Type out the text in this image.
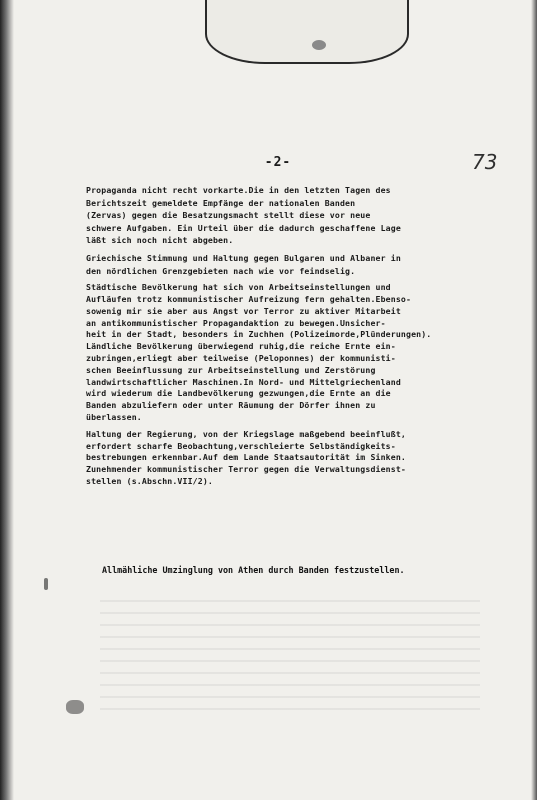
-2-	73

Propaganda nicht recht vorkarte.Die in den letzten Tagen des
Berichtszeit gemeldete Empfänge der nationalen Banden
(Zervas) gegen die Besatzungsmacht stellt diese vor neue
schwere Aufgaben. Ein Urteil über die dadurch geschaffene Lage
läßt sich noch nicht abgeben.

Griechische Stimmung und Haltung gegen Bulgaren und Albaner in
den nördlichen Grenzgebieten nach wie vor feindselig.

Städtische Bevölkerung hat sich von Arbeitseinstellungen und
Aufläufen trotz kommunistischer Aufreizung fern gehalten.Ebenso-
sowenig mir sie aber aus Angst vor Terror zu aktiver Mitarbeit
an antikommunistischer Propagandaktion zu bewegen.Unsicher-
heit in der Stadt, besonders in Zuchhen (Polizeimorde,Plünderungen).
Ländliche Bevölkerung überwiegend ruhig,die reiche Ernte ein-
zubringen,erliegt aber teilweise (Peloponnes) der kommunisti-
schen Beeinflussung zur Arbeitseinstellung und Zerstörung
landwirtschaftlicher Maschinen.In Nord- und Mittelgriechenland
wird wiederum die Landbevölkerung gezwungen,die Ernte an die
Banden abzuliefern oder unter Räumung der Dörfer ihnen zu
überlassen.

Haltung der Regierung, von der Kriegslage maßgebend beeinflußt,
erfordert scharfe Beobachtung,verschleierte Selbständigkeits-
bestrebungen erkennbar.Auf dem Lande Staatsautorität im Sinken.
Zunehmender kommunistischer Terror gegen die Verwaltungsdienst-
stellen (s.Abschn.VII/2).

Allmähliche Umzinglung von Athen durch Banden festzustellen.
